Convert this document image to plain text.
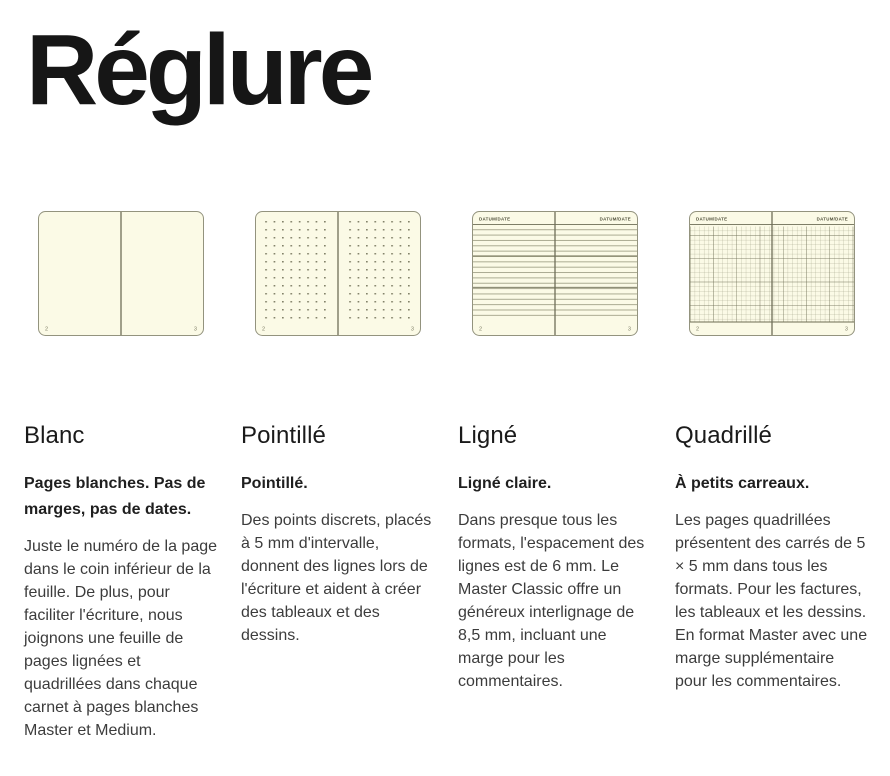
Réglure
2	3	2	3
DATUM/DATE	DATUM/DATE
2	3
DATUM/DATE	DATUM/DATE
2	3
Blanc
Pages blanches. Pas de marges, pas de dates.

Juste le numéro de la page dans le coin inférieur de la feuille. De plus, pour faciliter l'écriture, nous joignons une feuille de pages lignées et quadrillées dans chaque carnet à pages blanches Master et Medium.

Pointillé
Pointillé.

Des points discrets, placés à 5 mm d'intervalle, donnent des lignes lors de l'écriture et aident à créer des tableaux et des dessins.

Ligné
Ligné claire.

Dans presque tous les formats, l'espacement des lignes est de 6 mm. Le Master Classic offre un généreux interlignage de 8,5 mm, incluant une marge pour les commentaires.

Quadrillé
À petits carreaux.

Les pages quadrillées présentent des carrés de 5 × 5 mm dans tous les formats. Pour les factures, les tableaux et les dessins. En format Master avec une marge supplémentaire pour les commentaires.
